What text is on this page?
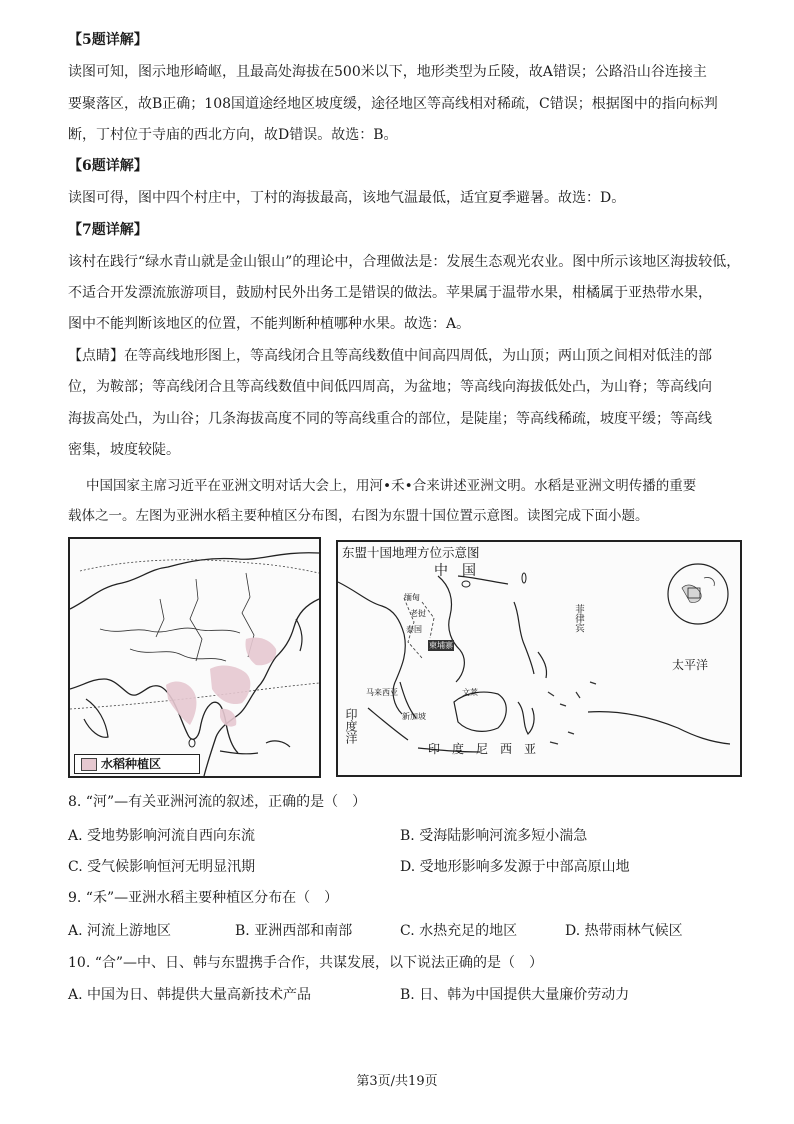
【5题详解】
读图可知，图示地形崎岖，且最高处海拔在500米以下，地形类型为丘陵，故A错误；公路沿山谷连接主
要聚落区，故B正确；108国道途经地区坡度缓，途径地区等高线相对稀疏，C错误；根据图中的指向标判
断，丁村位于寺庙的西北方向，故D错误。故选：B。
【6题详解】
读图可得，图中四个村庄中，丁村的海拔最高，该地气温最低，适宜夏季避暑。故选：D。
【7题详解】
该村在践行“绿水青山就是金山银山”的理论中，合理做法是：发展生态观光农业。图中所示该地区海拔较低，
不适合开发漂流旅游项目，鼓励村民外出务工是错误的做法。苹果属于温带水果，柑橘属于亚热带水果，
图中不能判断该地区的位置，不能判断种植哪种水果。故选：A。
【点睛】在等高线地形图上，等高线闭合且等高线数值中间高四周低，为山顶；两山顶之间相对低洼的部
位，为鞍部；等高线闭合且等高线数值中间低四周高，为盆地；等高线向海拔低处凸，为山脊；等高线向
海拔高处凸，为山谷；几条海拔高度不同的等高线重合的部位，是陡崖；等高线稀疏，坡度平缓；等高线
密集，坡度较陡。
中国国家主席习近平在亚洲文明对话大会上，用河•禾•合来讲述亚洲文明。水稻是亚洲文明传播的重要
载体之一。左图为亚洲水稻主要种植区分布图，右图为东盟十国位置示意图。读图完成下面小题。
水稻种植区
东盟十国地理方位示意图
中　国
缅甸
老挝
泰国
柬埔寨
菲律宾
太平洋
马来西亚	文莱
新加坡
印度洋
印　度　尼　西　亚
8. “河”—有关亚洲河流的叙述，正确的是（　）
A. 受地势影响河流自西向东流	B. 受海陆影响河流多短小湍急
C. 受气候影响恒河无明显汛期	D. 受地形影响多发源于中部高原山地
9. “禾”—亚洲水稻主要种植区分布在（　）
A. 河流上游地区	B. 亚洲西部和南部	C. 水热充足的地区	D. 热带雨林气候区
10. “合”—中、日、韩与东盟携手合作，共谋发展，以下说法正确的是（　）
A. 中国为日、韩提供大量高新技术产品	B. 日、韩为中国提供大量廉价劳动力
第3页/共19页
